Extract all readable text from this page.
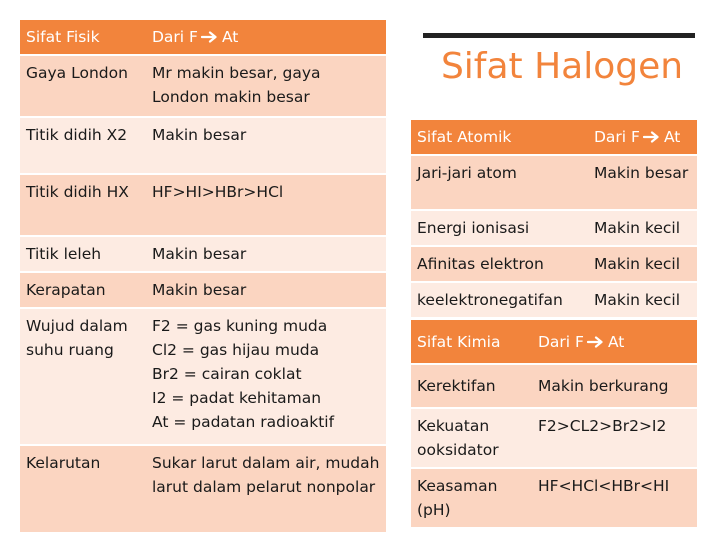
Sifat Fisik	Dari F At
Gaya London	Mr makin besar, gaya London makin besar
Titik didih X2	Makin besar
Titik didih HX	HF>HI>HBr>HCl
Titik leleh	Makin besar
Kerapatan	Makin besar
Wujud dalam suhu ruang	F2 = gas kuning muda
Cl2 = gas hijau muda
Br2 = cairan coklat
I2 = padat kehitaman
At = padatan radioaktif
Kelarutan	Sukar larut dalam air, mudah larut dalam pelarut nonpolar
Sifat Halogen
Sifat Atomik	Dari F At
Jari-jari atom	Makin besar
Energi ionisasi	Makin kecil
Afinitas elektron	Makin kecil
keelektronegatifan	Makin kecil
Sifat Kimia	Dari F At
Kerektifan	Makin berkurang
Kekuatan ooksidator	F2>CL2>Br2>I2
Keasaman (pH)	HF<HCl<HBr<HI
